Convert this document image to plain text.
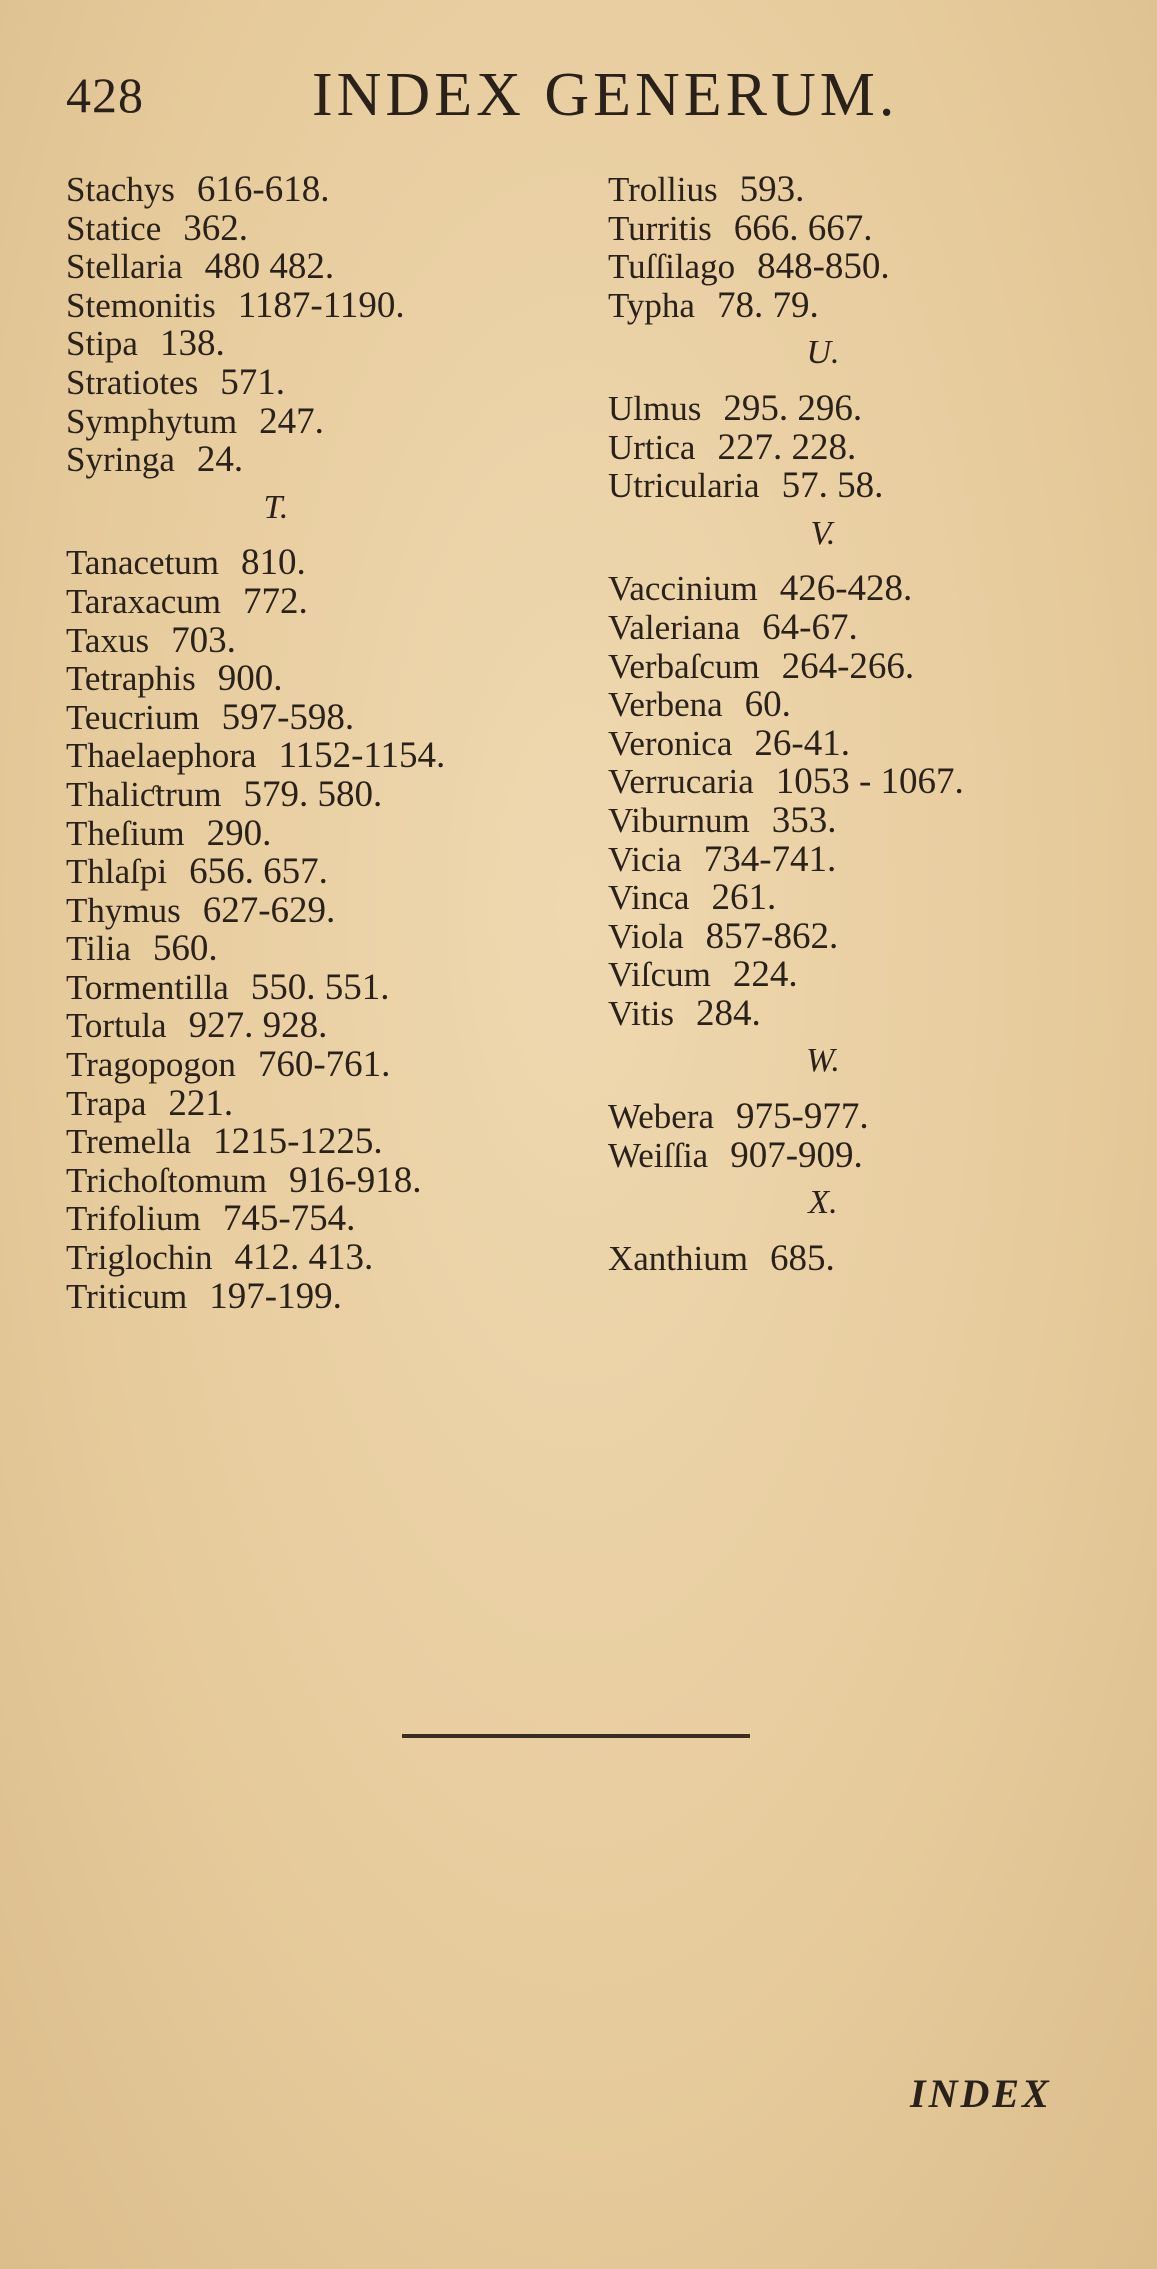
428	INDEX GENERUM.
Stachys 616-618.
Statice 362.
Stellaria 480 482.
Stemonitis 1187-1190.
Stipa 138.
Stratiotes 571.
Symphytum 247.
Syringa 24.
T.
Tanacetum 810.
Taraxacum 772.
Taxus 703.
Tetraphis 900.
Teucrium 597-598.
Thaelaephora 1152-1154.
Thaliƈtrum 579. 580.
Theſium 290.
Thlaſpi 656. 657.
Thymus 627-629.
Tilia 560.
Tormentilla 550. 551.
Tortula 927. 928.
Tragopogon 760-761.
Trapa 221.
Tremella 1215-1225.
Trichoſtomum 916-918.
Trifolium 745-754.
Triglochin 412. 413.
Triticum 197-199.
Trollius 593.
Turritis 666. 667.
Tuſſilago 848-850.
Typha 78. 79.
U.
Ulmus 295. 296.
Urtica 227. 228.
Utricularia 57. 58.
V.
Vaccinium 426-428.
Valeriana 64-67.
Verbaſcum 264-266.
Verbena 60.
Veronica 26-41.
Verrucaria 1053 - 1067.
Viburnum 353.
Vicia 734-741.
Vinca 261.
Viola 857-862.
Viſcum 224.
Vitis 284.
W.
Webera 975-977.
Weiſſia 907-909.
X.
Xanthium 685.
INDEX
